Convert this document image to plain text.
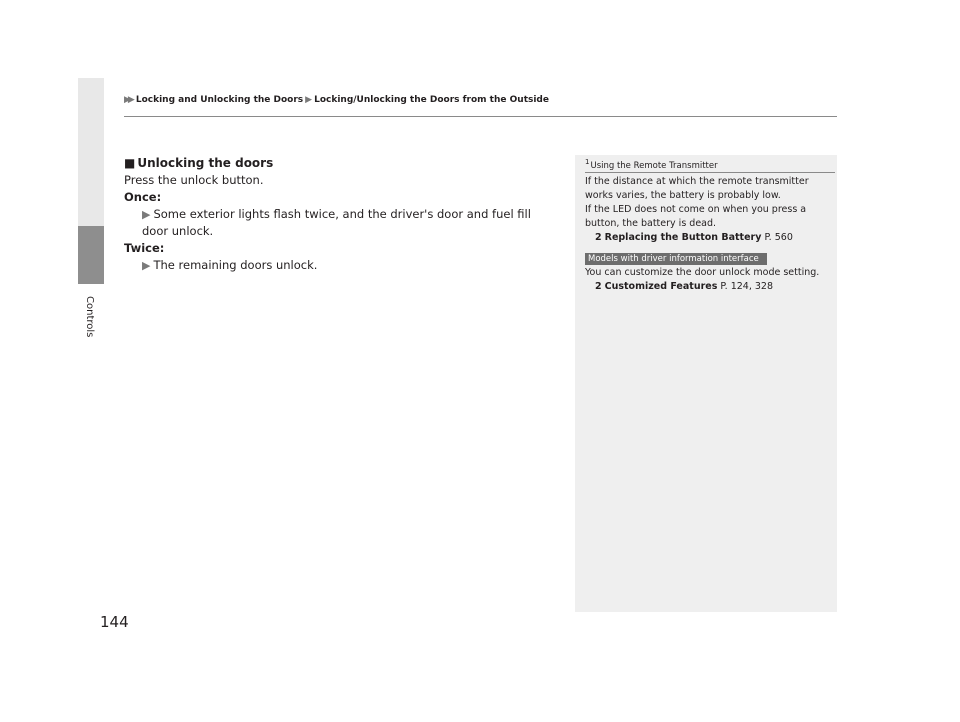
▶▶ Locking and Unlocking the Doors ▶ Locking/Unlocking the Doors from the Outside
Controls
144
■ Unlocking the doors
Press the unlock button.
Once:
▶ Some exterior lights flash twice, and the driver's door and fuel fill door unlock.
Twice:
▶ The remaining doors unlock.
$^1$Using the Remote Transmitter
If the distance at which the remote transmitter works varies, the battery is probably low.
If the LED does not come on when you press a button, the battery is dead.
2 Replacing the Button Battery P. 560
Models with driver information interface
You can customize the door unlock mode setting.
2 Customized Features P. 124, 328
